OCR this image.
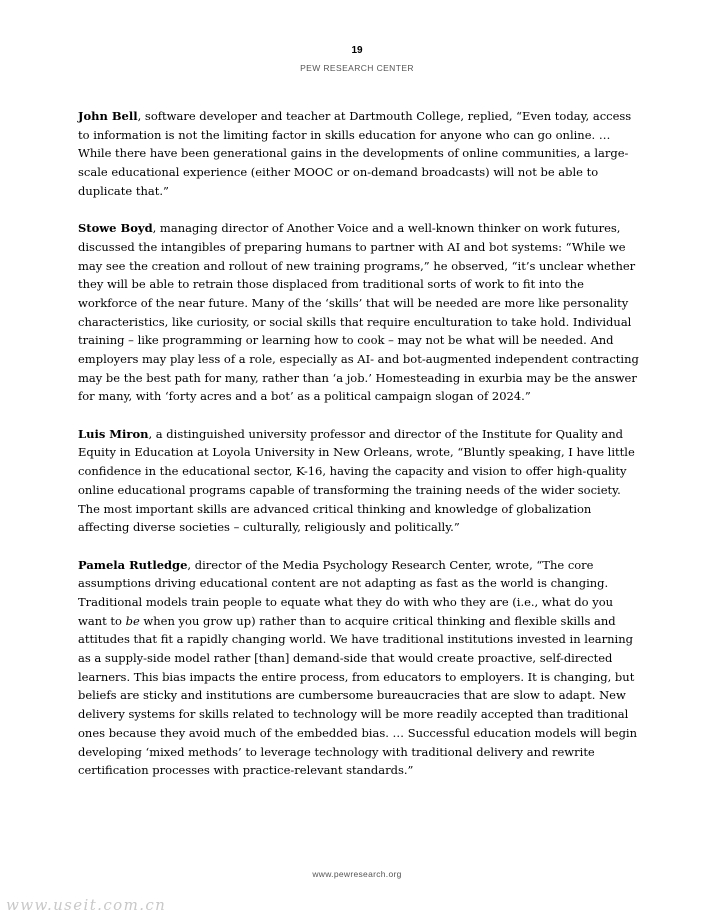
19
PEW RESEARCH CENTER

John Bell, software developer and teacher at Dartmouth College, replied, “Even today, access to information is not the limiting factor in skills education for anyone who can go online. … While there have been generational gains in the developments of online communities, a large-scale educational experience (either MOOC or on-demand broadcasts) will not be able to duplicate that.”

Stowe Boyd, managing director of Another Voice and a well-known thinker on work futures, discussed the intangibles of preparing humans to partner with AI and bot systems: “While we may see the creation and rollout of new training programs,” he observed, “it’s unclear whether they will be able to retrain those displaced from traditional sorts of work to fit into the workforce of the near future. Many of the ‘skills’ that will be needed are more like personality characteristics, like curiosity, or social skills that require enculturation to take hold. Individual training – like programming or learning how to cook – may not be what will be needed. And employers may play less of a role, especially as AI- and bot-augmented independent contracting may be the best path for many, rather than ‘a job.’ Homesteading in exurbia may be the answer for many, with ‘forty acres and a bot’ as a political campaign slogan of 2024.”

Luis Miron, a distinguished university professor and director of the Institute for Quality and Equity in Education at Loyola University in New Orleans, wrote, “Bluntly speaking, I have little confidence in the educational sector, K-16, having the capacity and vision to offer high-quality online educational programs capable of transforming the training needs of the wider society. The most important skills are advanced critical thinking and knowledge of globalization affecting diverse societies – culturally, religiously and politically.”

Pamela Rutledge, director of the Media Psychology Research Center, wrote, “The core assumptions driving educational content are not adapting as fast as the world is changing. Traditional models train people to equate what they do with who they are (i.e., what do you want to be when you grow up) rather than to acquire critical thinking and flexible skills and attitudes that fit a rapidly changing world. We have traditional institutions invested in learning as a supply-side model rather [than] demand-side that would create proactive, self-directed learners. This bias impacts the entire process, from educators to employers. It is changing, but beliefs are sticky and institutions are cumbersome bureaucracies that are slow to adapt. New delivery systems for skills related to technology will be more readily accepted than traditional ones because they avoid much of the embedded bias. … Successful education models will begin developing ‘mixed methods’ to leverage technology with traditional delivery and rewrite certification processes with practice-relevant standards.”

www.pewresearch.org
www.useit.com.cn
